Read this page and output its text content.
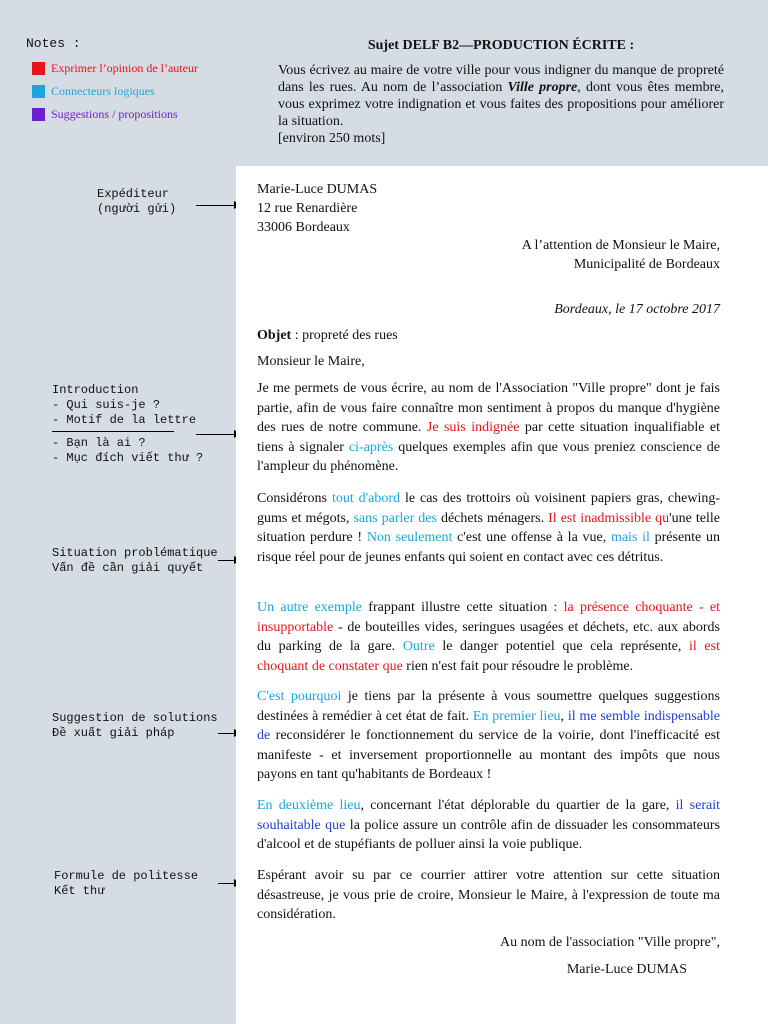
Notes :
Exprimer l’opinion de l’auteur
Connecteurs logiques
Suggestions / propositions
Sujet DELF B2—PRODUCTION ÉCRITE :
Vous écrivez au maire de votre ville pour vous indigner du manque de propreté dans les rues. Au nom de l’association Ville propre, dont vous êtes membre, vous exprimez votre indignation et vous faites des propositions pour améliorer la situation.
[environ 250 mots]
Expéditeur
(người gửi)
Introduction
- Qui suis-je ?
- Motif de la lettre
- Bạn là ai ?
- Mục đích viết thư ?
Situation problématique
Vấn đề cần giải quyết
Suggestion de solutions
Đề xuất giải pháp
Formule de politesse
Kết thư
Marie-Luce DUMAS
12 rue Renardière
33006 Bordeaux
A l’attention de Monsieur le Maire,
Municipalité de Bordeaux
Bordeaux, le 17 octobre 2017
Objet : propreté des rues
Monsieur le Maire,
Je me permets de vous écrire, au nom de l'Association "Ville propre" dont je fais partie, afin de vous faire connaître mon sentiment à propos du manque d'hygiène des rues de notre commune. Je suis indignée par cette situation inqualifiable et tiens à signaler ci-après quelques exemples afin que vous preniez conscience de l'ampleur du phénomène.
Considérons tout d'abord le cas des trottoirs où voisinent papiers gras, chewing-gums et mégots, sans parler des déchets ménagers. Il est inadmissible qu'une telle situation perdure ! Non seulement c'est une offense à la vue, mais il présente un risque réel pour de jeunes enfants qui soient en contact avec ces détritus.
Un autre exemple frappant illustre cette situation : la présence choquante - et insupportable - de bouteilles vides, seringues usagées et déchets, etc. aux abords du parking de la gare. Outre le danger potentiel que cela représente, il est choquant de constater que rien n'est fait pour résoudre le problème.
C'est pourquoi je tiens par la présente à vous soumettre quelques suggestions destinées à remédier à cet état de fait. En premier lieu, il me semble indispensable de reconsidérer le fonctionnement du service de la voirie, dont l'inefficacité est manifeste - et inversement proportionnelle au montant des impôts que nous payons en tant qu'habitants de Bordeaux !
En deuxième lieu, concernant l'état déplorable du quartier de la gare, il serait souhaitable que la police assure un contrôle afin de dissuader les consommateurs d'alcool et de stupéfiants de polluer ainsi la voie publique.
Espérant avoir su par ce courrier attirer votre attention sur cette situation désastreuse, je vous prie de croire, Monsieur le Maire, à l'expression de toute ma considération.
Au nom de l'association "Ville propre",
Marie-Luce DUMAS
